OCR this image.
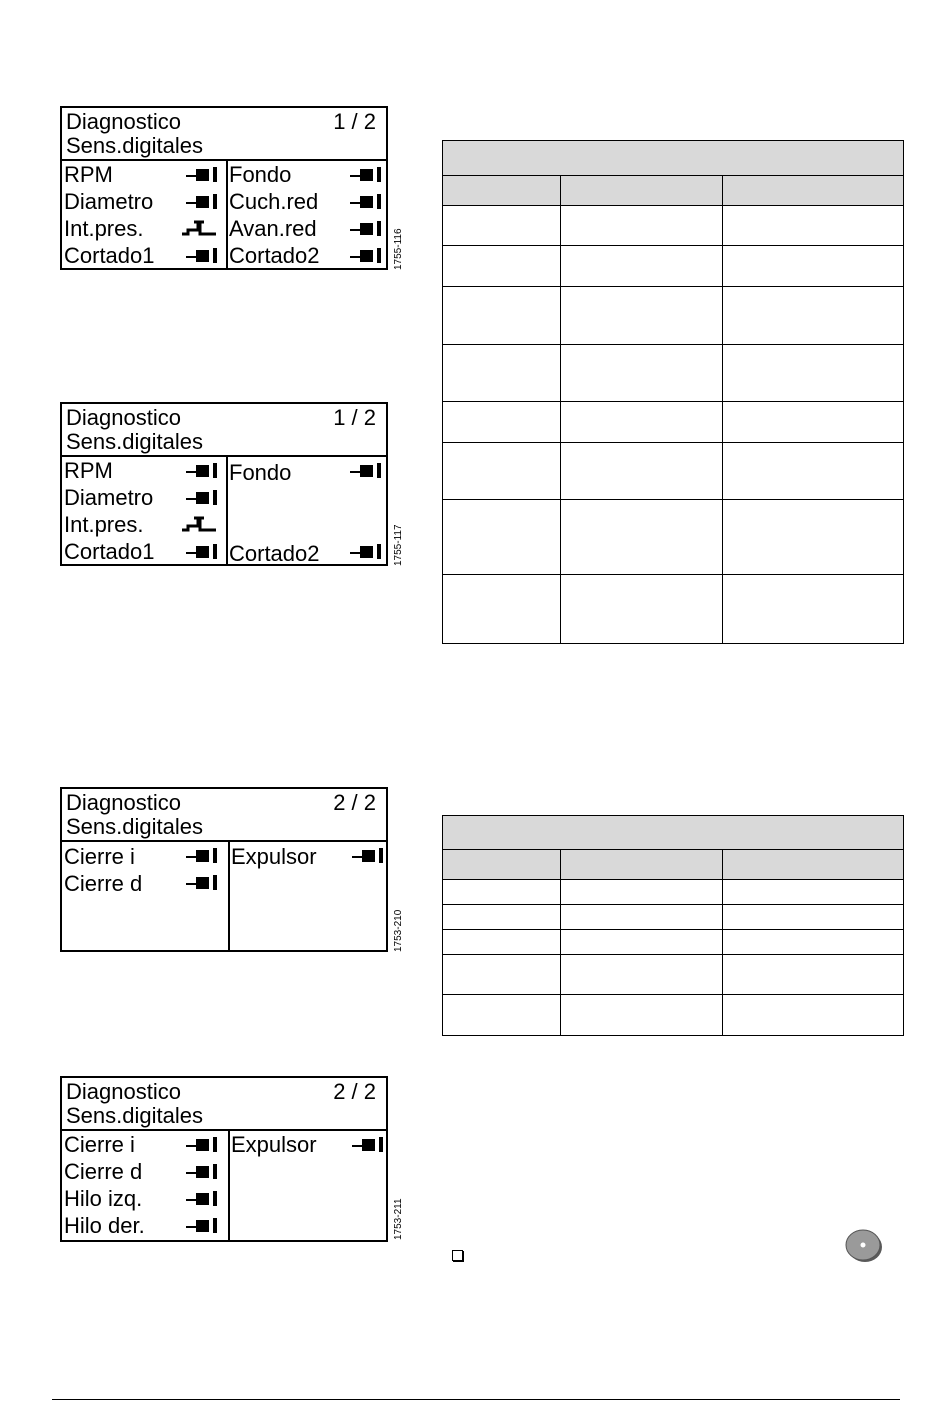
Diagnostico
Sens.digitales
1 / 2
RPM
Diametro
Int.pres.
Cortado1
Fondo
Cuch.red
Avan.red
Cortado2	1755-116
Diagnostico
Sens.digitales
1 / 2
RPM
Diametro
Int.pres.
Cortado1
Fondo
Cortado2	1755-117
Diagnostico
Sens.digitales
2 / 2
Cierre i
Cierre d
Expulsor
1753-210
Diagnostico
Sens.digitales
2 / 2
Cierre i
Cierre d
Hilo izq.
Hilo der.
Expulsor
1753-211
